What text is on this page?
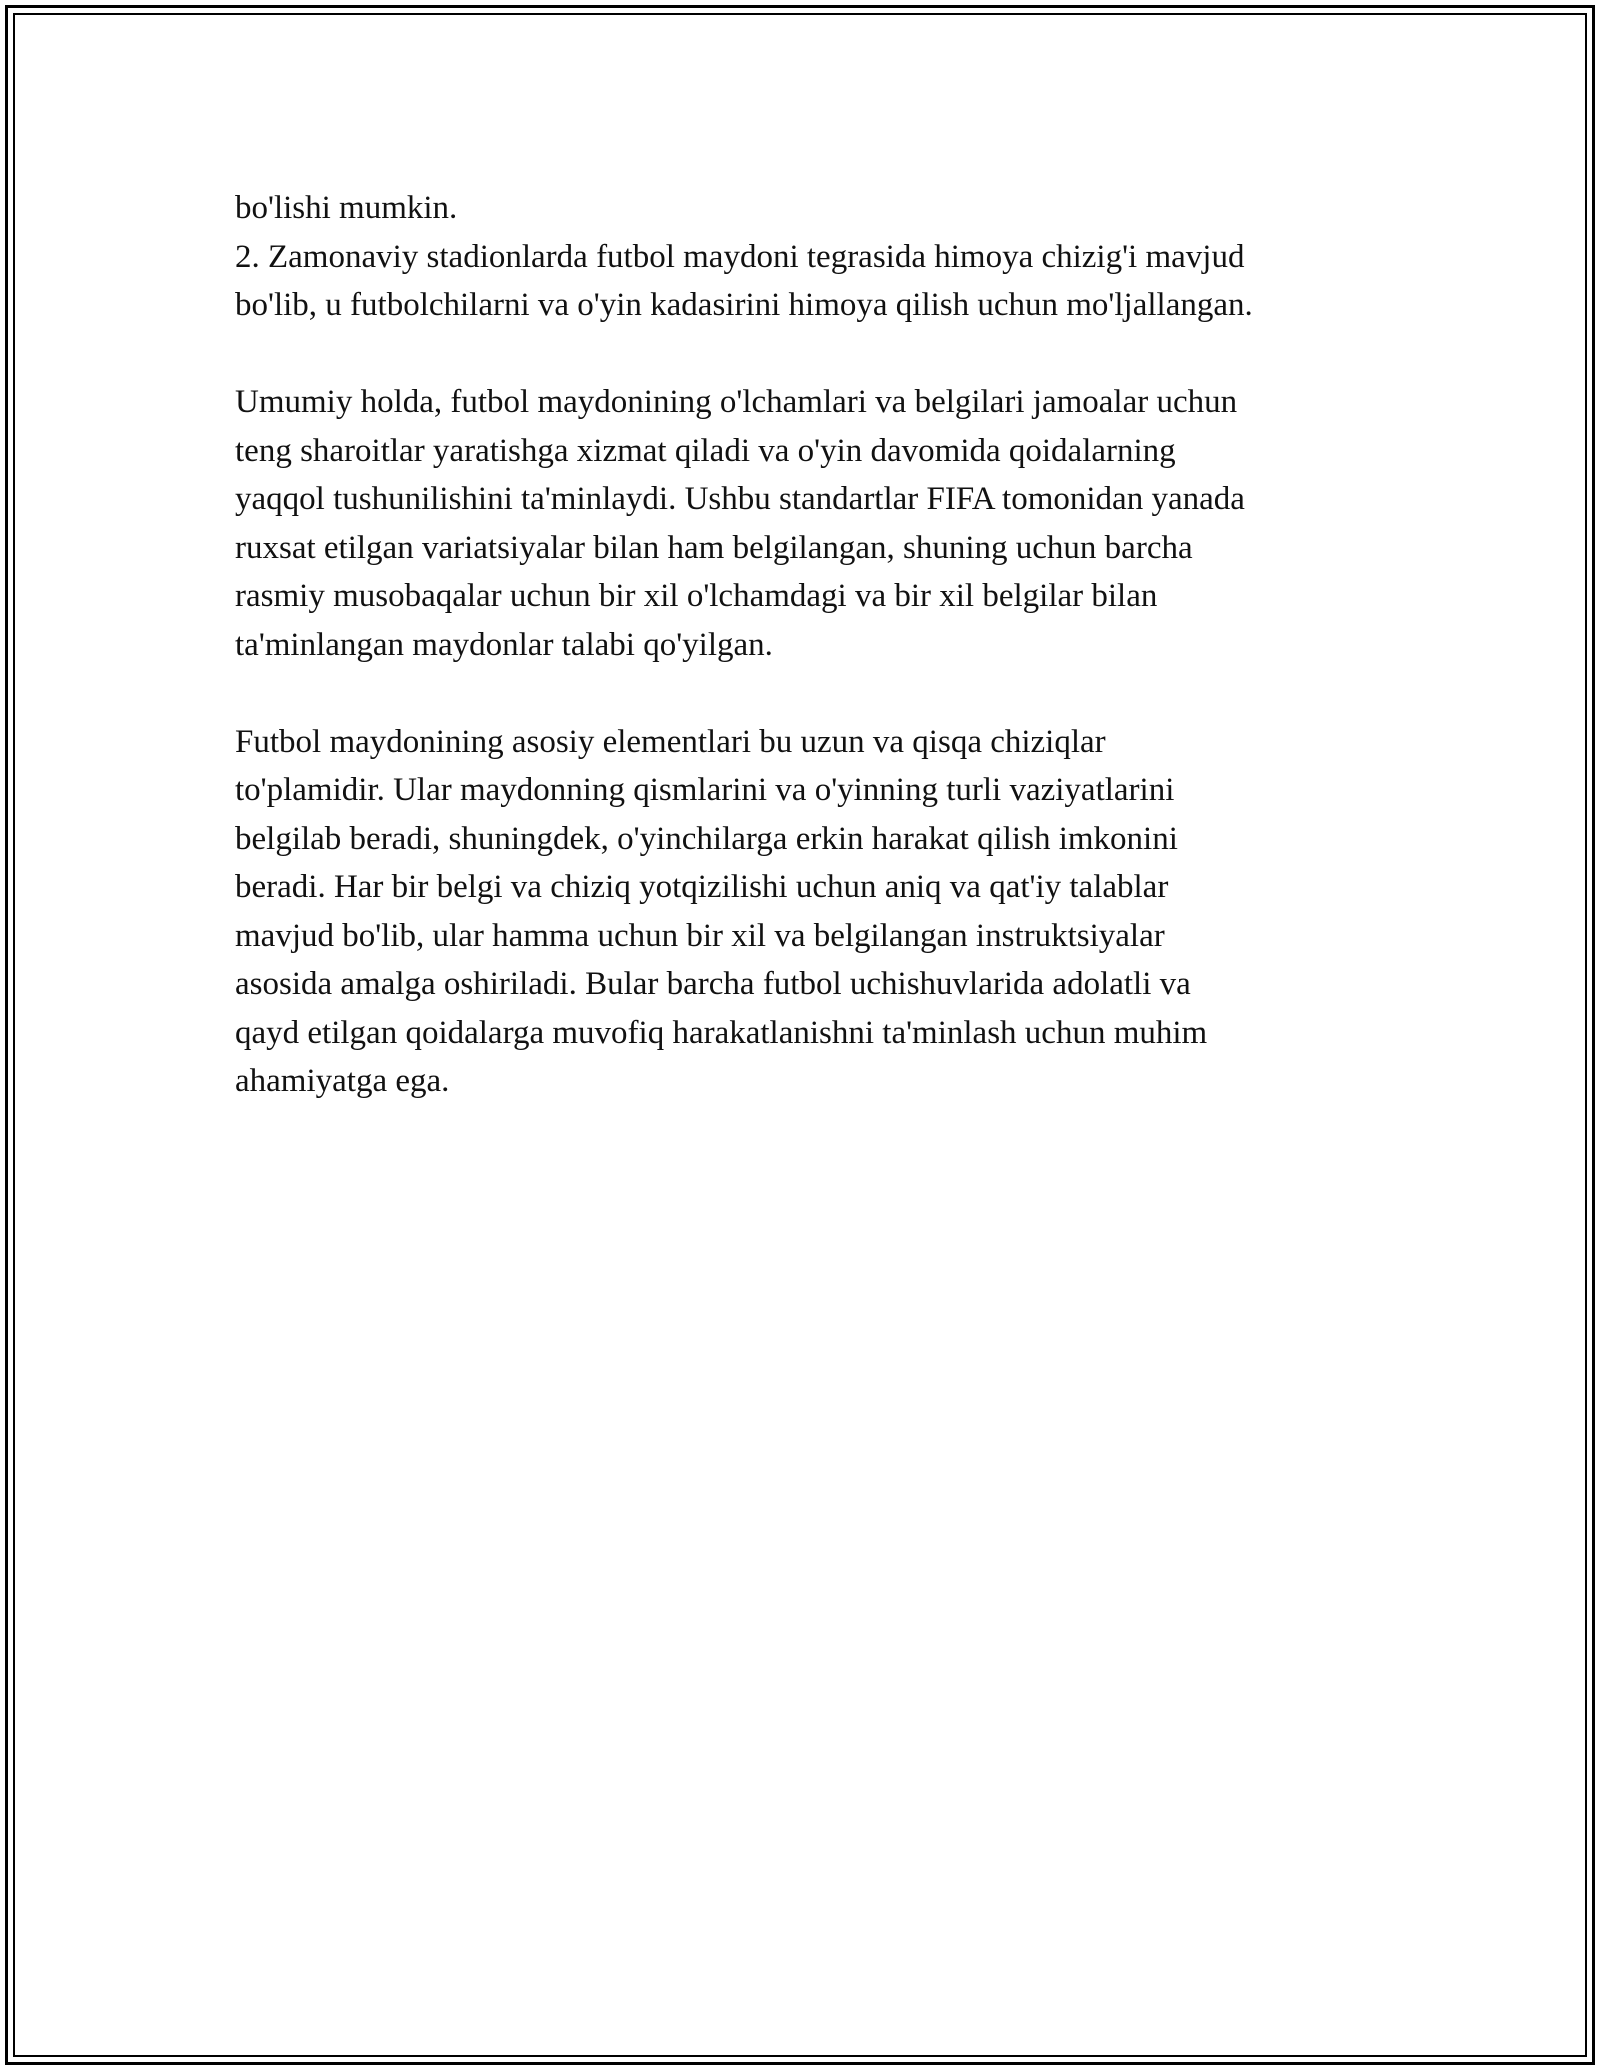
bo'lishi mumkin.
2. Zamonaviy stadionlarda futbol maydoni tegrasida himoya chizig'i mavjud
bo'lib, u futbolchilarni va o'yin kadasirini himoya qilish uchun mo'ljallangan.
Umumiy holda, futbol maydonining o'lchamlari va belgilari jamoalar uchun
teng sharoitlar yaratishga xizmat qiladi va o'yin davomida qoidalarning
yaqqol tushunilishini ta'minlaydi. Ushbu standartlar FIFA tomonidan yanada
ruxsat etilgan variatsiyalar bilan ham belgilangan, shuning uchun barcha
rasmiy musobaqalar uchun bir xil o'lchamdagi va bir xil belgilar bilan
ta'minlangan maydonlar talabi qo'yilgan.
Futbol maydonining asosiy elementlari bu uzun va qisqa chiziqlar
to'plamidir. Ular maydonning qismlarini va o'yinning turli vaziyatlarini
belgilab beradi, shuningdek, o'yinchilarga erkin harakat qilish imkonini
beradi. Har bir belgi va chiziq yotqizilishi uchun aniq va qat'iy talablar
mavjud bo'lib, ular hamma uchun bir xil va belgilangan instruktsiyalar
asosida amalga oshiriladi. Bular barcha futbol uchishuvlarida adolatli va
qayd etilgan qoidalarga muvofiq harakatlanishni ta'minlash uchun muhim
ahamiyatga ega.
